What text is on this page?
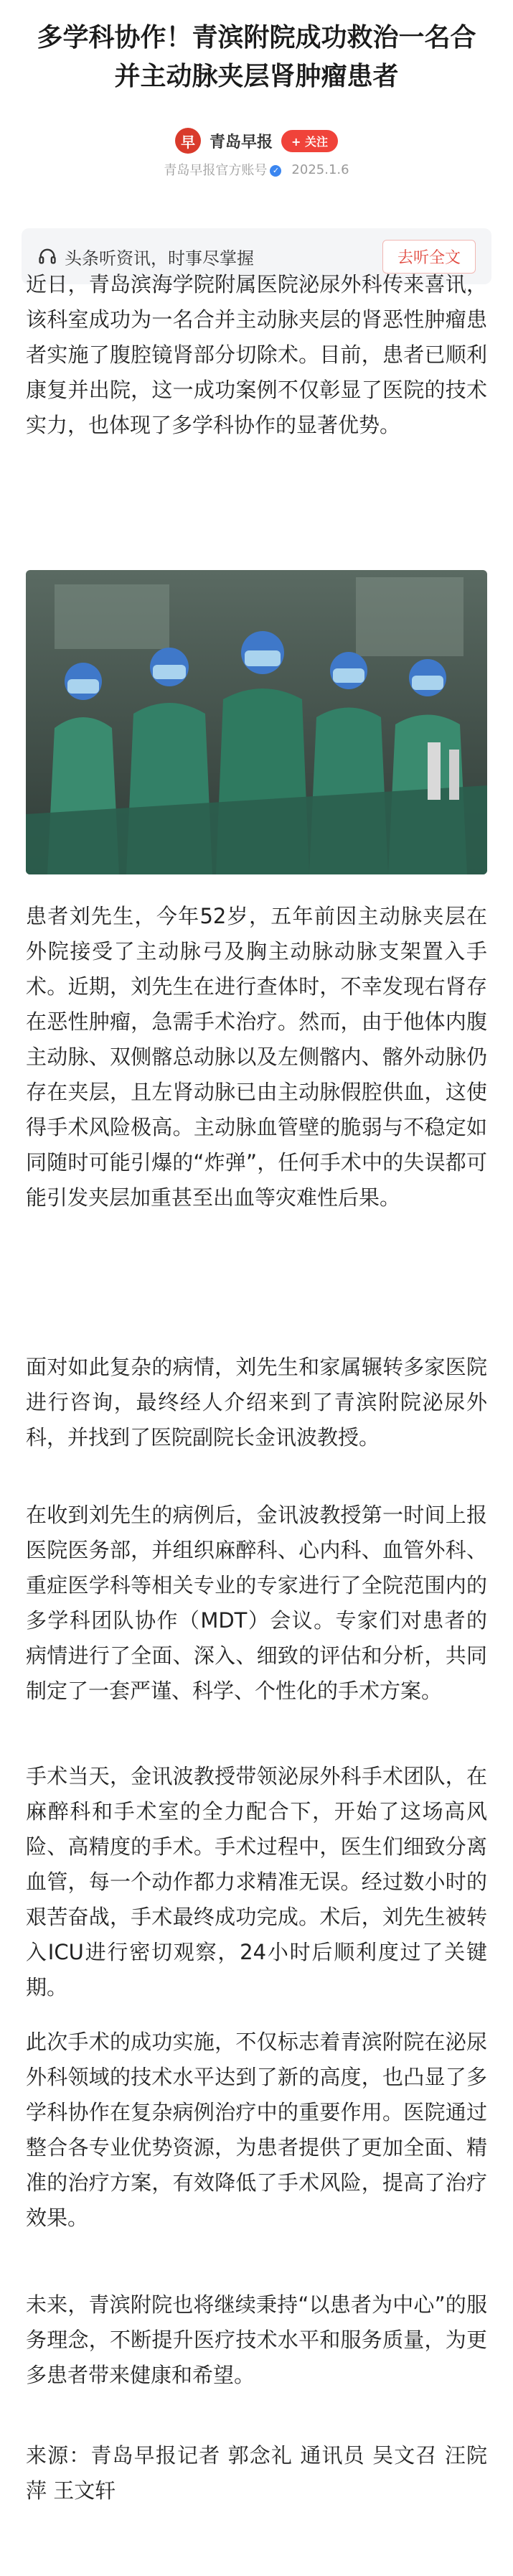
多学科协作！青滨附院成功救治一名合并主动脉夹层肾肿瘤患者
早 青岛早报	+ 关注
青岛早报官方账号 ✓ 2025.1.6
头条听资讯，时事尽掌握	去听全文

近日，青岛滨海学院附属医院泌尿外科传来喜讯，该科室成功为一名合并主动脉夹层的肾恶性肿瘤患者实施了腹腔镜肾部分切除术。目前，患者已顺利康复并出院，这一成功案例不仅彰显了医院的技术实力，也体现了多学科协作的显著优势。

患者刘先生，今年52岁，五年前因主动脉夹层在外院接受了主动脉弓及胸主动脉动脉支架置入手术。近期，刘先生在进行查体时，不幸发现右肾存在恶性肿瘤，急需手术治疗。然而，由于他体内腹主动脉、双侧髂总动脉以及左侧髂内、髂外动脉仍存在夹层，且左肾动脉已由主动脉假腔供血，这使得手术风险极高。主动脉血管壁的脆弱与不稳定如同随时可能引爆的“炸弹”，任何手术中的失误都可能引发夹层加重甚至出血等灾难性后果。

面对如此复杂的病情，刘先生和家属辗转多家医院进行咨询，最终经人介绍来到了青滨附院泌尿外科，并找到了医院副院长金讯波教授。

在收到刘先生的病例后，金讯波教授第一时间上报医院医务部，并组织麻醉科、心内科、血管外科、重症医学科等相关专业的专家进行了全院范围内的多学科团队协作（MDT）会议。专家们对患者的病情进行了全面、深入、细致的评估和分析，共同制定了一套严谨、科学、个性化的手术方案。

手术当天，金讯波教授带领泌尿外科手术团队，在麻醉科和手术室的全力配合下，开始了这场高风险、高精度的手术。手术过程中，医生们细致分离血管，每一个动作都力求精准无误。经过数小时的艰苦奋战，手术最终成功完成。术后，刘先生被转入ICU进行密切观察，24小时后顺利度过了关键期。

此次手术的成功实施，不仅标志着青滨附院在泌尿外科领域的技术水平达到了新的高度，也凸显了多学科协作在复杂病例治疗中的重要作用。医院通过整合各专业优势资源，为患者提供了更加全面、精准的治疗方案，有效降低了手术风险，提高了治疗效果。

未来，青滨附院也将继续秉持“以患者为中心”的服务理念，不断提升医疗技术水平和服务质量，为更多患者带来健康和希望。

来源：青岛早报记者 郭念礼 通讯员 吴文召 汪院萍 王文轩
